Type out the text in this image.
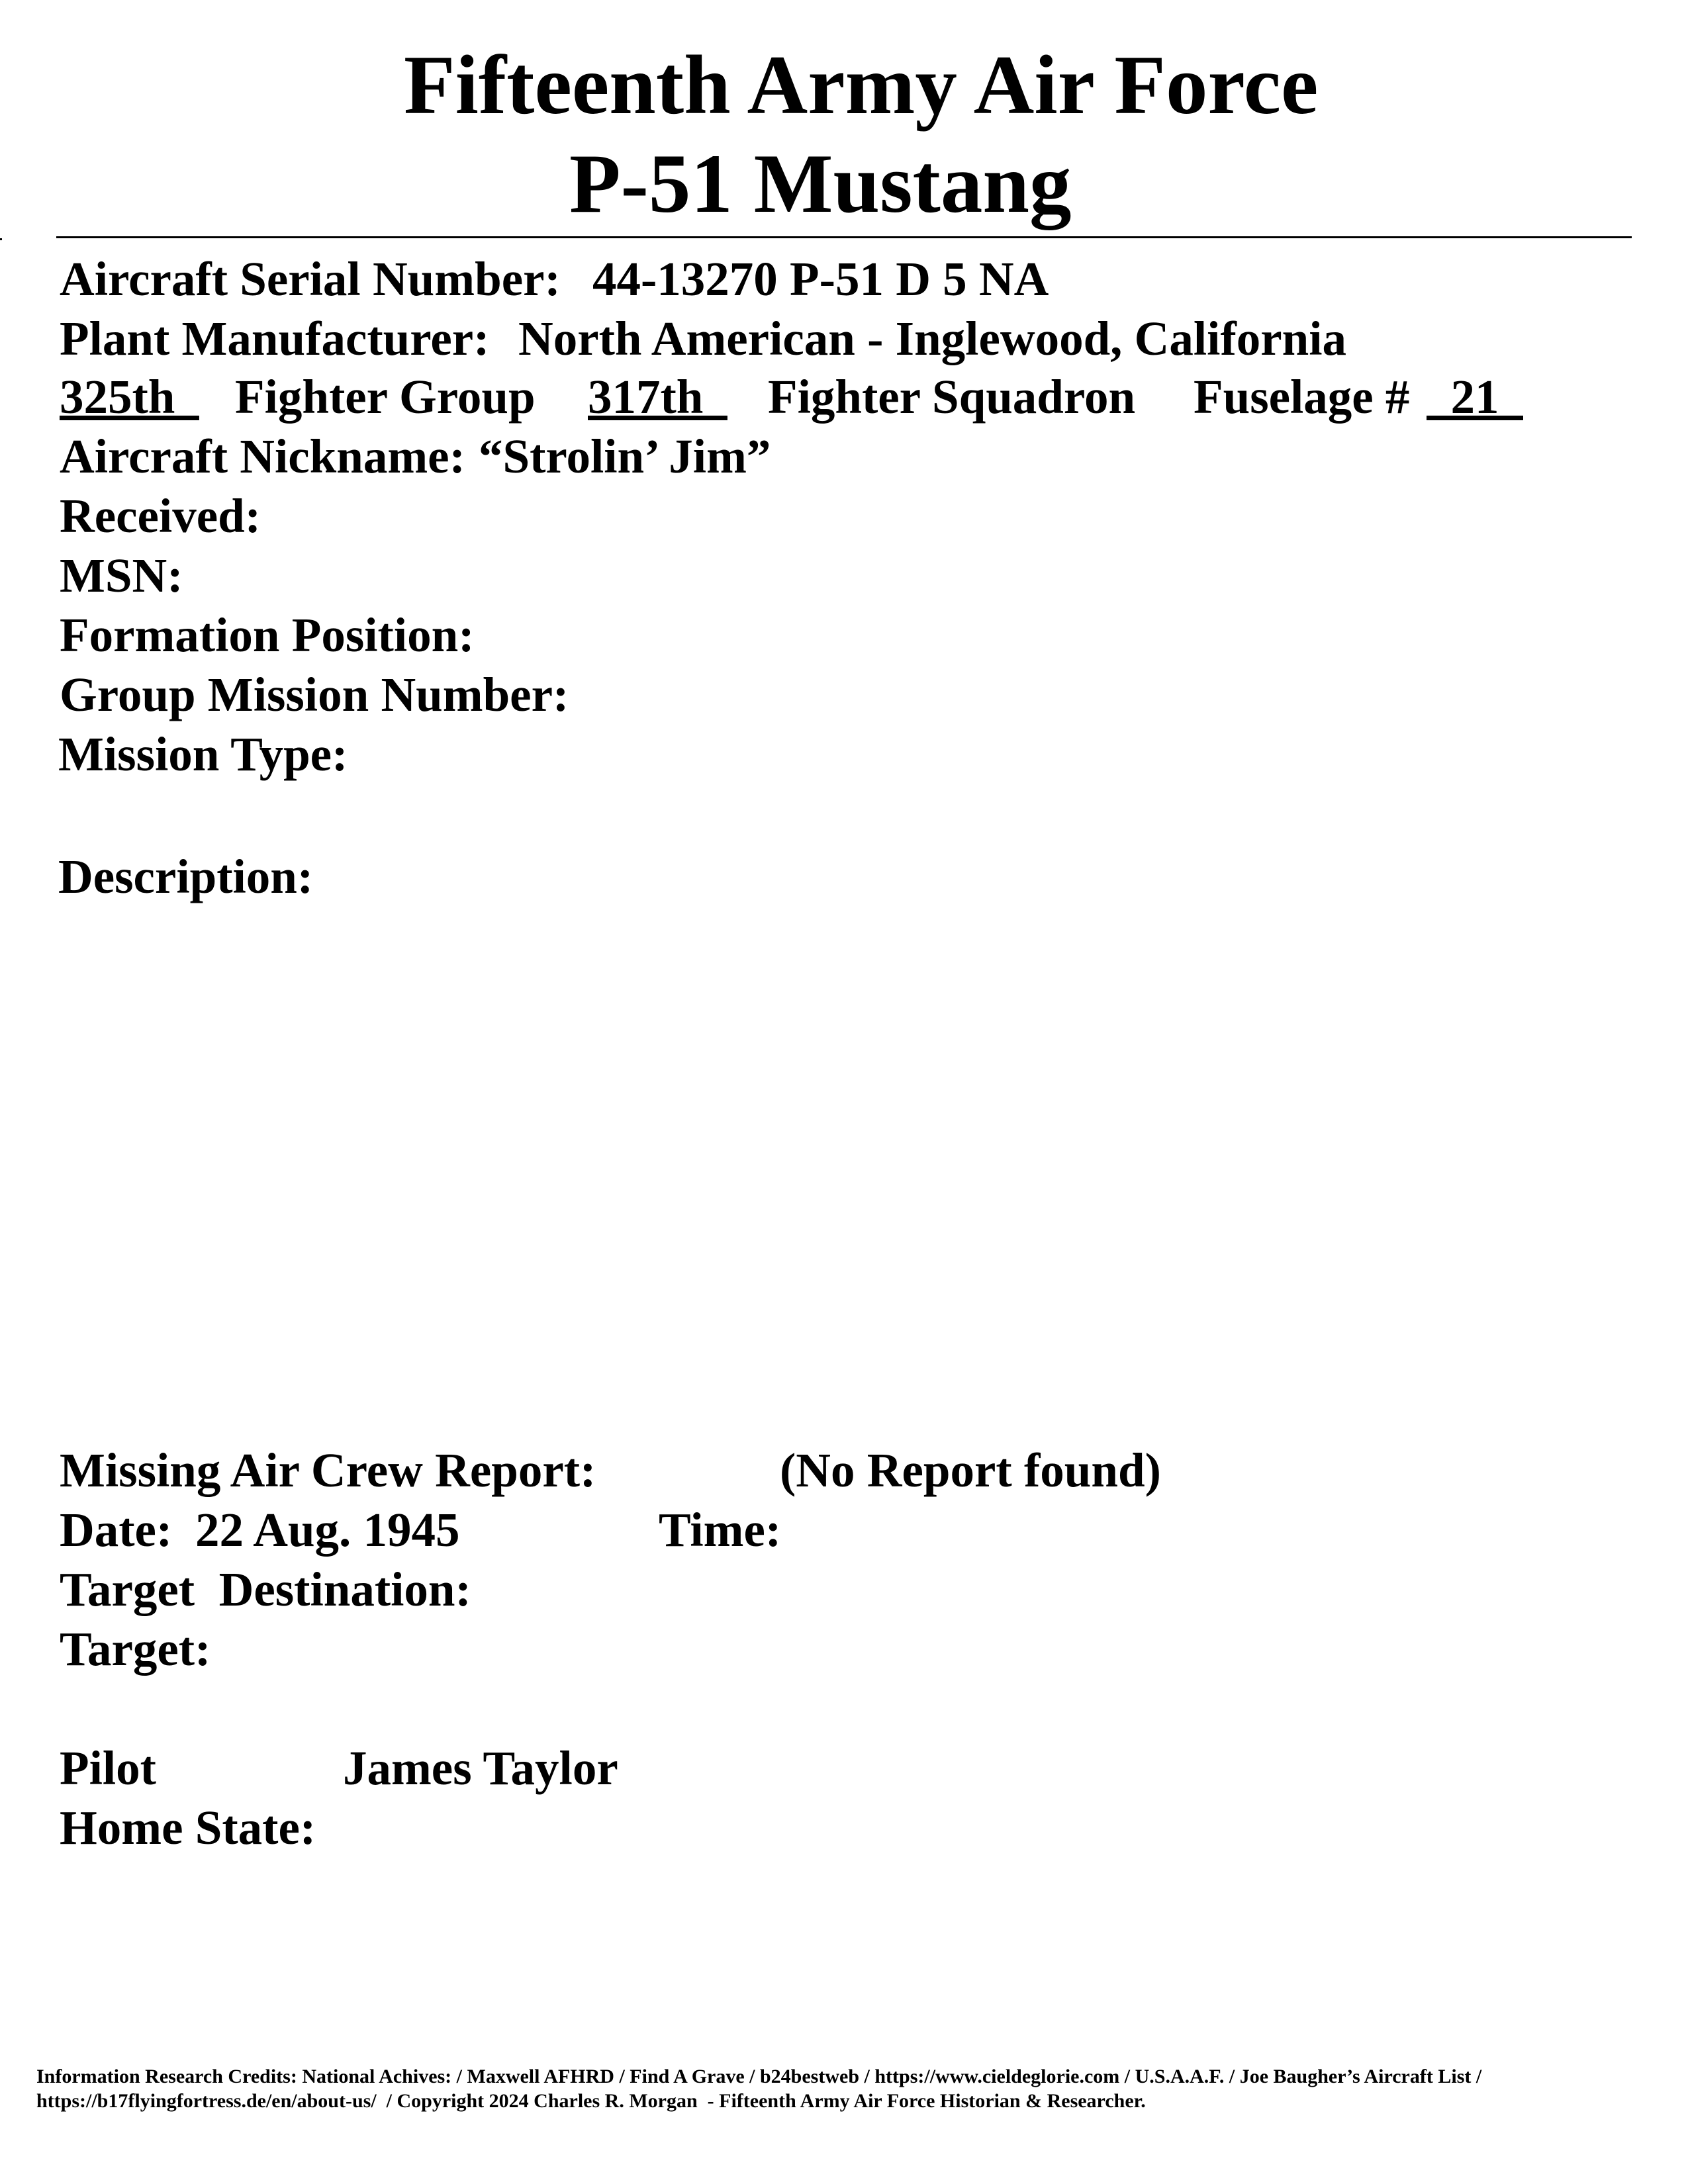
Fifteenth Army Air Force
P-51 Mustang
Aircraft Serial Number: 44-13270 P-51 D 5 NA
Plant Manufacturer: North American - Inglewood, California
325th Fighter Group 317th Fighter Squadron Fuselage # 21
Aircraft Nickname: “Strolin’ Jim”
Received:
MSN:
Formation Position:
Group Mission Number:
Mission Type:
Description:
Missing Air Crew Report:	(No Report found)
Date: 22 Aug. 1945	Time:
Target  Destination:
Target:
Pilot	James Taylor
Home State:
Information Research Credits: National Achives: / Maxwell AFHRD / Find A Grave / b24bestweb / https://www.cieldeglorie.com / U.S.A.A.F. / Joe Baugher’s Aircraft List /
https://b17flyingfortress.de/en/about-us/  / Copyright 2024 Charles R. Morgan  - Fifteenth Army Air Force Historian & Researcher.
